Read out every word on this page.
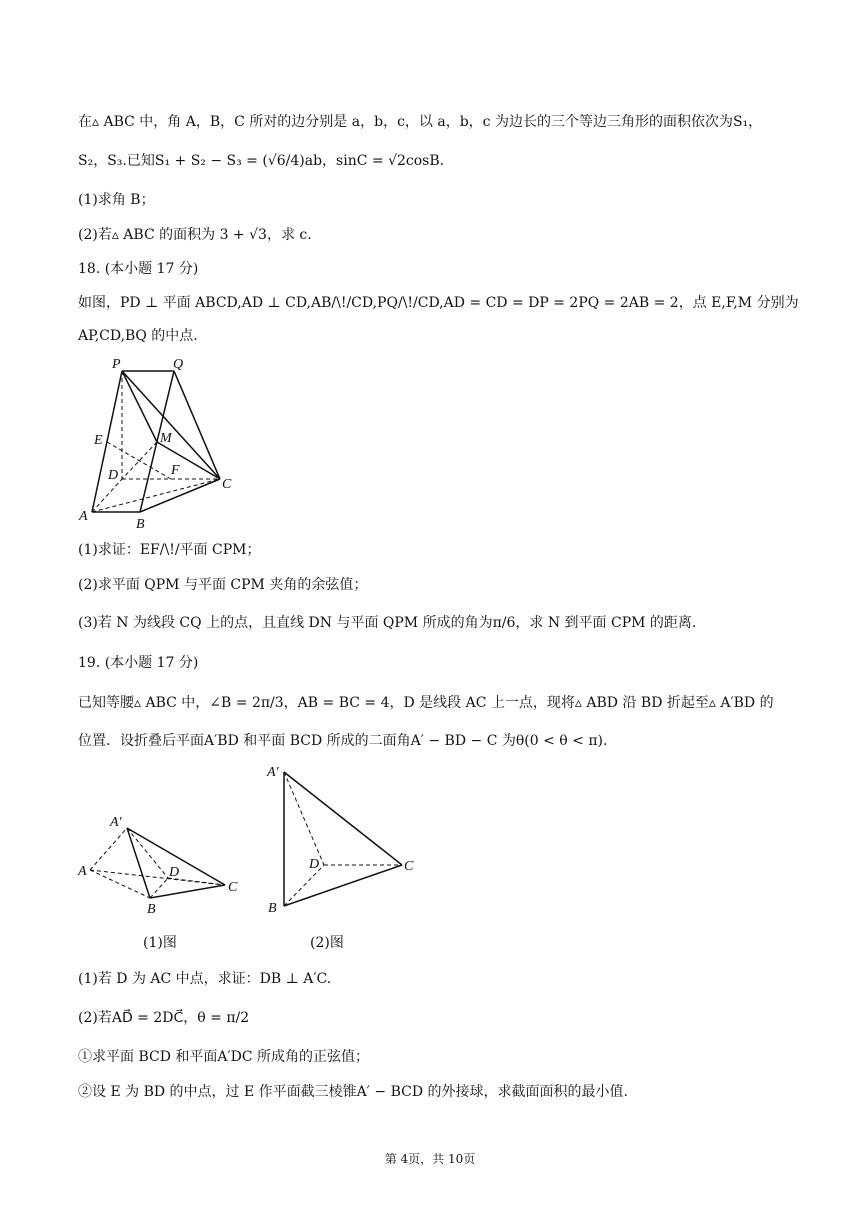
在▵ ABC 中，角 A，B，C 所对的边分别是 a，b，c，以 a，b，c 为边长的三个等边三角形的面积依次为S₁，
S₂，S₃.已知S₁ + S₂ − S₃ = (√6/4)ab，sinC = √2cosB.
(1)求角 B；
(2)若▵ ABC 的面积为 3 + √3，求 c.
18. (本小题 17 分)
如图，PD ⊥ 平面 ABCD,AD ⊥ CD,AB/\!/CD,PQ/\!/CD,AD = CD = DP = 2PQ = 2AB = 2，点 E,F,M 分别为
AP,CD,BQ 的中点.
P	Q
E	M
D	F
C
A
B
(1)求证：EF/\!/平面 CPM；
(2)求平面 QPM 与平面 CPM 夹角的余弦值；
(3)若 N 为线段 CQ 上的点，且直线 DN 与平面 QPM 所成的角为π/6，求 N 到平面 CPM 的距离.
19. (本小题 17 分)
已知等腰▵ ABC 中，∠B = 2π/3，AB = BC = 4，D 是线段 AC 上一点，现将▵ ABD 沿 BD 折起至▵ A′BD 的
位置．设折叠后平面A′BD 和平面 BCD 所成的二面角A′ − BD − C 为θ(0 < θ < π).
A′
A	D
B
C
A′
D	C
B
(1)图	(2)图
(1)若 D 为 AC 中点，求证：DB ⊥ A′C.
(2)若AD⃗ = 2DC⃗，θ = π/2
①求平面 BCD 和平面A′DC 所成角的正弦值；
②设 E 为 BD 的中点，过 E 作平面截三棱锥A′ − BCD 的外接球，求截面面积的最小值.
第 4页，共 10页
